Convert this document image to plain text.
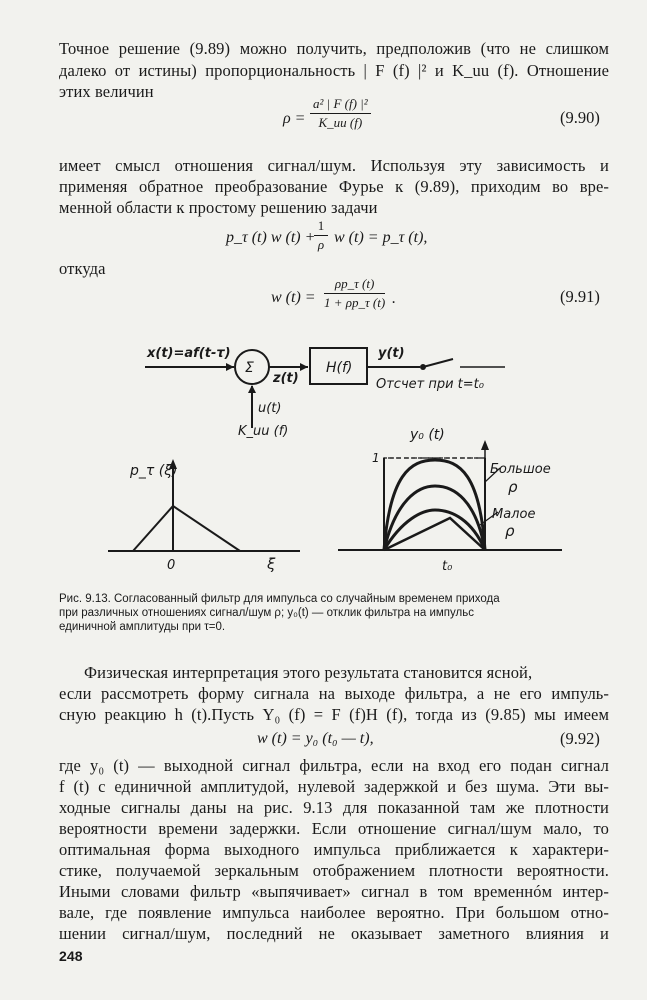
Точное решение (9.89) можно получить, предположив (что не слишком
далеко от истины) пропорциональность | F (f) |² и K_uu (f). Отношение
этих величин
$\rho = \frac{\text{a² | F (f) |²}}{K\_uu (f)}$	(9.90)
имеет смысл отношения сигнал/шум. Используя эту зависимость и
применяя обратное преобразование Фурье к (9.89), приходим во вре-
менной области к простому решению задачи
p_τ (t) w (t) +
$\frac{1}{\rho}$ w (t) = p_τ (t),
откуда
w $(t) = \frac{\rho p\_\tau (t)}{1 + \rho p\_\tau (t)}$ .	(9.91)
x(t)=af(t-τ)
Σ
z(t)
H(f)
y(t)
Отсчет при t=t₀
u(t)
K_uu (f)
p_τ (ξ)
0	ξ
y₀ (t)
1
Большое
ρ
Малое
ρ
t₀
Рис. 9.13. Согласованный фильтр для импульса со случайным временем прихода
при различных отношениях сигнал/шум ρ; y₀(t) — отклик фильтра на импульс
единичной амплитуды при τ=0.
Физическая интерпретация этого результата становится ясной,
если рассмотреть форму сигнала на выходе фильтра, а не его импуль-
сную реакцию h (t).Пусть Y₀ (f) = F (f)H (f), тогда из (9.85) мы имеем
w (t) = y₀ (t₀ — t),	(9.92)
где y₀ (t) — выходной сигнал фильтра, если на вход его подан сигнал
f (t) с единичной амплитудой, нулевой задержкой и без шума. Эти вы-
ходные сигналы даны на рис. 9.13 для показанной там же плотности
вероятности времени задержки. Если отношение сигнал/шум мало, то
оптимальная форма выходного импульса приближается к характери-
стике, получаемой зеркальным отображением плотности вероятности.
Иными словами фильтр «выпячивает» сигнал в том временнóм интер-
вале, где появление импульса наиболее вероятно. При большом отно-
шении сигнал/шум, последний не оказывает заметного влияния и
248
